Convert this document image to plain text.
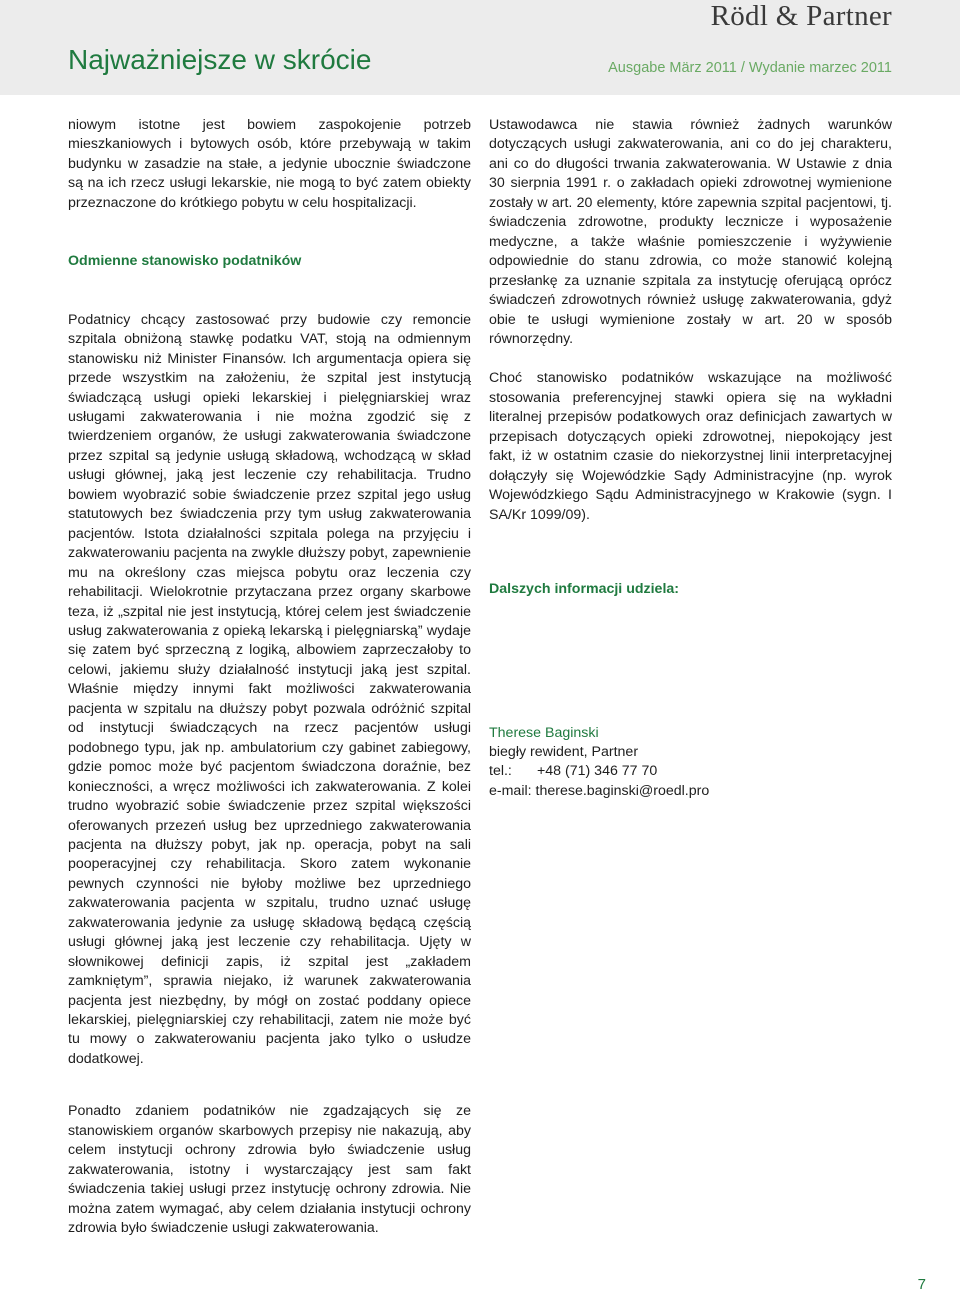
Rödl & Partner
Najważniejsze w skrócie	Ausgabe März 2011 / Wydanie marzec 2011

niowym istotne jest bowiem zaspokojenie potrzeb mieszkaniowych i bytowych osób, które przebywają w takim budynku w zasadzie na stałe, a jedynie ubocznie świadczone są na ich rzecz usługi lekarskie, nie mogą to być zatem obiekty przeznaczone do krótkiego pobytu w celu hospitalizacji.

Odmienne stanowisko podatników

Podatnicy chcący zastosować przy budowie czy remoncie szpitala obniżoną stawkę podatku VAT, stoją na odmiennym stanowisku niż Minister Finansów. Ich argumentacja opiera się przede wszystkim na założeniu, że szpital jest instytucją świadczącą usługi opieki lekarskiej i pielęgniarskiej wraz usługami zakwaterowania i nie można zgodzić się z twierdzeniem organów, że usługi zakwaterowania świadczone przez szpital są jedynie usługą składową, wchodzącą w skład usługi głównej, jaką jest leczenie czy rehabilitacja. Trudno bowiem wyobrazić sobie świadczenie przez szpital jego usług statutowych bez świadczenia przy tym usług zakwaterowania pacjentów. Istota działalności szpitala polega na przyjęciu i zakwaterowaniu pacjenta na zwykle dłuższy pobyt, zapewnienie mu na określony czas miejsca pobytu oraz leczenia czy rehabilitacji. Wielokrotnie przytaczana przez organy skarbowe teza, iż „szpital nie jest instytucją, której celem jest świadczenie usług zakwaterowania z opieką lekarską i pielęgniarską” wydaje się zatem być sprzeczną z logiką, albowiem zaprzeczałoby to celowi, jakiemu służy działalność instytucji jaką jest szpital. Właśnie między innymi fakt możliwości zakwaterowania pacjenta w szpitalu na dłuższy pobyt pozwala odróżnić szpital od instytucji świadczących na rzecz pacjentów usługi podobnego typu, jak np. ambulatorium czy gabinet zabiegowy, gdzie pomoc może być pacjentom świadczona doraźnie, bez konieczności, a wręcz możliwości ich zakwaterowania. Z kolei trudno wyobrazić sobie świadczenie przez szpital większości oferowanych przezeń usług bez uprzedniego zakwaterowania pacjenta na dłuższy pobyt, jak np. operacja, pobyt na sali pooperacyjnej czy rehabilitacja. Skoro zatem wykonanie pewnych czynności nie byłoby możliwe bez uprzedniego zakwaterowania pacjenta w szpitalu, trudno uznać usługę zakwaterowania jedynie za usługę składową będącą częścią usługi głównej jaką jest leczenie czy rehabilitacja. Ujęty w słownikowej definicji zapis, iż szpital jest „zakładem zamkniętym”, sprawia niejako, iż warunek zakwaterowania pacjenta jest niezbędny, by mógł on zostać poddany opiece lekarskiej, pielęgniarskiej czy rehabilitacji, zatem nie może być tu mowy o zakwaterowaniu pacjenta jako tylko o usłudze dodatkowej.

Ponadto zdaniem podatników nie zgadzających się ze stanowiskiem organów skarbowych przepisy nie nakazują, aby celem instytucji ochrony zdrowia było świadczenie usług zakwaterowania, istotny i wystarczający jest sam fakt świadczenia takiej usługi przez instytucję ochrony zdrowia. Nie można zatem wymagać, aby celem działania instytucji ochrony zdrowia było świadczenie usługi zakwaterowania.

Ustawodawca nie stawia również żadnych warunków dotyczących usługi zakwaterowania, ani co do jej charakteru, ani co do długości trwania zakwaterowania. W Ustawie z dnia 30 sierpnia 1991 r. o zakładach opieki zdrowotnej wymienione zostały w art. 20 elementy, które zapewnia szpital pacjentowi, tj. świadczenia zdrowotne, produkty lecznicze i wyposażenie medyczne, a także właśnie pomieszczenie i wyżywienie odpowiednie do stanu zdrowia, co może stanowić kolejną przesłankę za uznanie szpitala za instytucję oferującą oprócz świadczeń zdrowotnych również usługę zakwaterowania, gdyż obie te usługi wymienione zostały w art. 20 w sposób równorzędny.

Choć stanowisko podatników wskazujące na możliwość stosowania preferencyjnej stawki opiera się na wykładni literalnej przepisów podatkowych oraz definicjach zawartych w przepisach dotyczących opieki zdrowotnej, niepokojący jest fakt, iż w ostatnim czasie do niekorzystnej linii interpretacyjnej dołączyły się Wojewódzkie Sądy Administracyjne (np. wyrok Wojewódzkiego Sądu Administracyjnego w Krakowie (sygn. I SA/Kr 1099/09).

Dalszych informacji udziela:

Therese Baginski

biegły rewident, Partner

tel.: +48 (71) 346 77 70

e-mail: therese.baginski@roedl.pro

7
